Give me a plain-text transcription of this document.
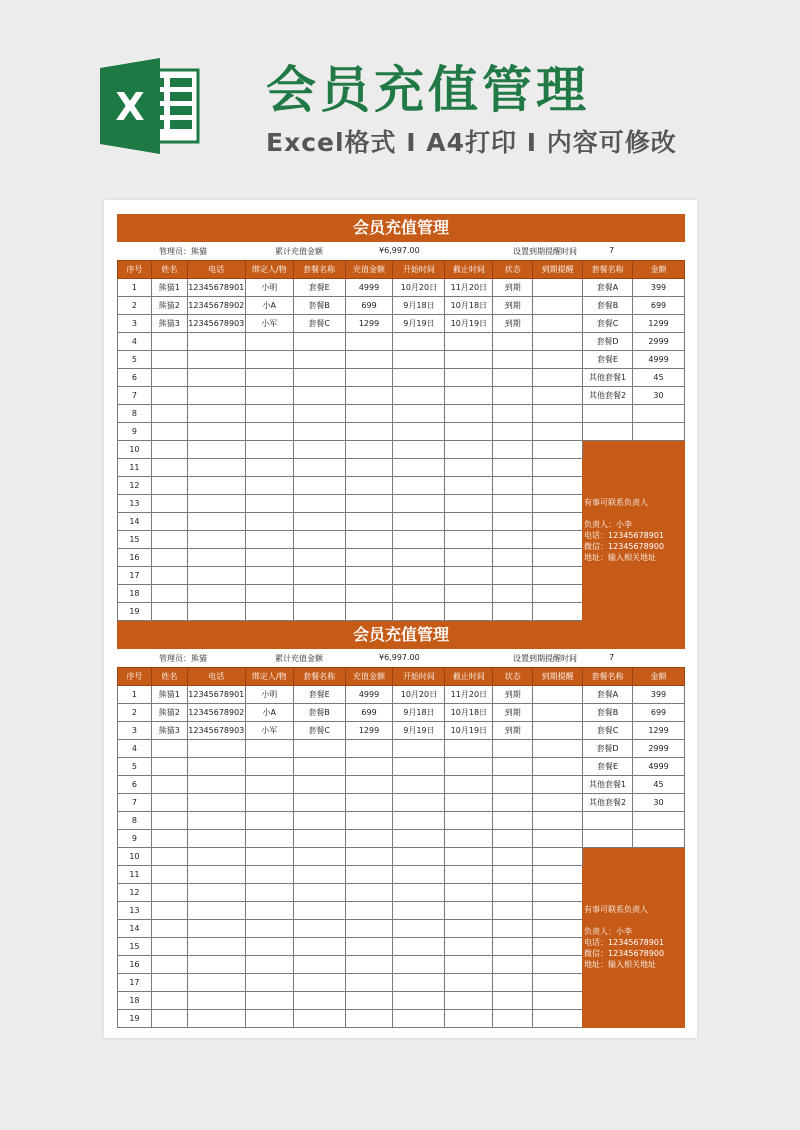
X 会员充值管理
Excel格式 I A4打印 I 内容可修改
会员充值管理
管理员： 熊猫	累计充值金额	¥6,997.00	设置到期提醒时间	7
序号	姓名	电话	绑定人/物	套餐名称	充值金额	开始时间	截止时间	状态	到期提醒	套餐名称	金额
1	熊猫1	12345678901	小明	套餐E	4999	10月20日	11月20日	到期		套餐A	399
2	熊猫2	12345678902	小A	套餐B	699	9月18日	10月18日	到期		套餐B	699
3	熊猫3	12345678903	小军	套餐C	1299	9月19日	10月19日	到期		套餐C	1299
4										套餐D	2999
5										套餐E	4999
6										其他套餐1	45
7										其他套餐2	30
8											
9											
10										有事可联系负责人

负责人：小李
电话：12345678901
微信：12345678900
地址：输入相关地址	

11											
12											
13											
14											
15											
16											
17											
18											
19											
会员充值管理
管理员： 熊猫	累计充值金额	¥6,997.00	设置到期提醒时间	7
序号	姓名	电话	绑定人/物	套餐名称	充值金额	开始时间	截止时间	状态	到期提醒	套餐名称	金额
1	熊猫1	12345678901	小明	套餐E	4999	10月20日	11月20日	到期		套餐A	399
2	熊猫2	12345678902	小A	套餐B	699	9月18日	10月18日	到期		套餐B	699
3	熊猫3	12345678903	小军	套餐C	1299	9月19日	10月19日	到期		套餐C	1299
4										套餐D	2999
5										套餐E	4999
6										其他套餐1	45
7										其他套餐2	30
8											
9											
10										有事可联系负责人

负责人：小李
电话：12345678901
微信：12345678900
地址：输入相关地址	

11											
12											
13											
14											
15											
16											
17											
18											
19											
